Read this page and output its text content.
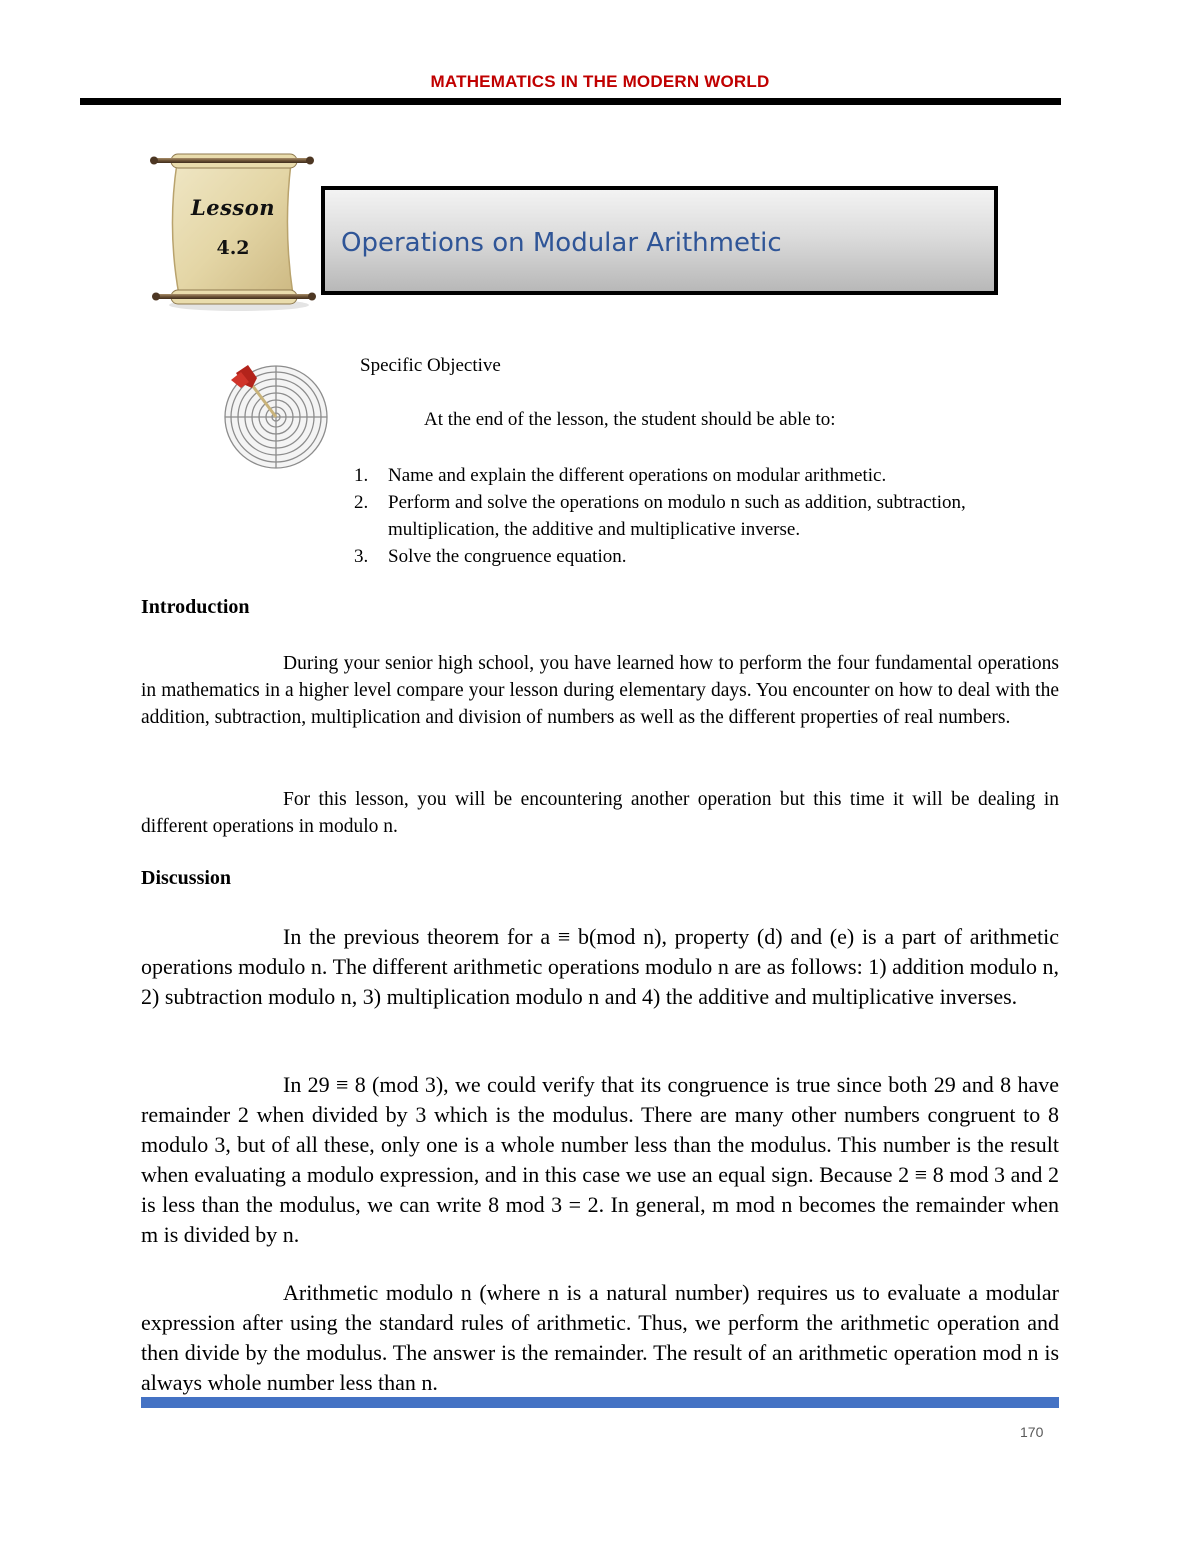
MATHEMATICS IN THE MODERN WORLD
Lesson
4.2	Operations on Modular Arithmetic
Specific Objective
At the end of the lesson, the student should be able to:
1. Name and explain the different operations on modular arithmetic.
2. Perform and solve the operations on modulo n such as addition, subtraction, multiplication, the additive and multiplicative inverse.
3. Solve the congruence equation.
Introduction

During your senior high school, you have learned how to perform the four fundamental operations in mathematics in a higher level compare your lesson during elementary days. You encounter on how to deal with the addition, subtraction, multiplication and division of numbers as well as the different properties of real numbers.

For this lesson, you will be encountering another operation but this time it will be dealing in different operations in modulo n.

Discussion

In the previous theorem for a ≡ b(mod n), property (d) and (e) is a part of arithmetic operations modulo n. The different arithmetic operations modulo n are as follows: 1) addition modulo n, 2) subtraction modulo n, 3) multiplication modulo n and 4) the additive and multiplicative inverses.

In 29 ≡ 8 (mod 3), we could verify that its congruence is true since both 29 and 8 have remainder 2 when divided by 3 which is the modulus. There are many other numbers congruent to 8 modulo 3, but of all these, only one is a whole number less than the modulus. This number is the result when evaluating a modulo expression, and in this case we use an equal sign. Because 2 ≡ 8 mod 3 and 2 is less than the modulus, we can write 8 mod 3 = 2. In general, m mod n becomes the remainder when m is divided by n.

Arithmetic modulo n (where n is a natural number) requires us to evaluate a modular expression after using the standard rules of arithmetic. Thus, we perform the arithmetic operation and then divide by the modulus. The answer is the remainder. The result of an arithmetic operation mod n is always whole number less than n.

170
